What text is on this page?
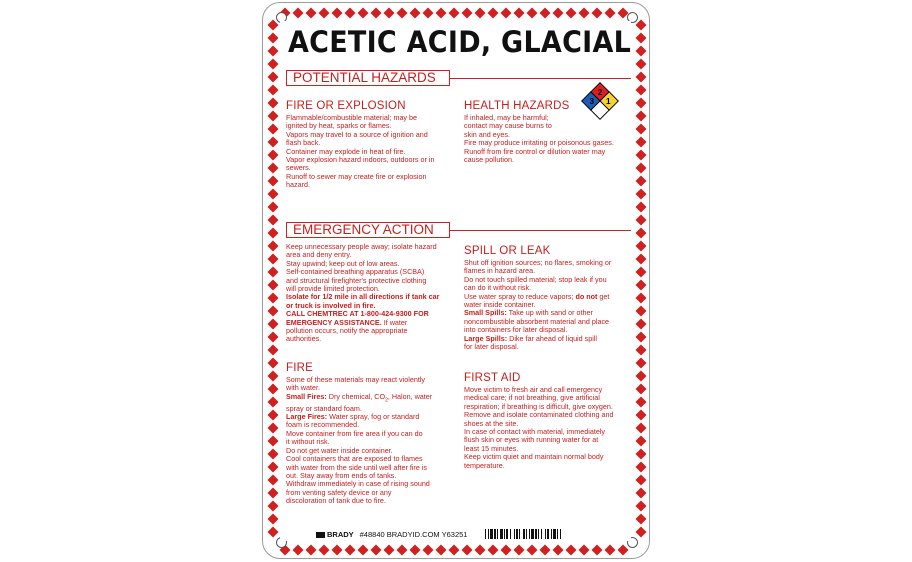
ACETIC ACID, GLACIAL
POTENTIAL HAZARDS
FIRE OR EXPLOSION
Flammable/combustible material; may be
ignited by heat, sparks or flames.
Vapors may travel to a source of ignition and
flash back.
Container may explode in heat of fire.
Vapor explosion hazard indoors, outdoors or in
sewers.
Runoff to sewer may create fire or explosion
hazard.
HEALTH HAZARDS
If inhaled, may be harmful;
contact may cause burns to
skin and eyes.
Fire may produce irritating or poisonous gases.
Runoff from fire control or dilution water may
cause pollution.
2
3 1
EMERGENCY ACTION
Keep unnecessary people away; isolate hazard
area and deny entry.
Stay upwind; keep out of low areas.
Self-contained breathing apparatus (SCBA)
and structural firefighter's protective clothing
will provide limited protection.
Isolate for 1/2 mile in all directions if tank car
or truck is involved in fire.
CALL CHEMTREC AT 1-800-424-9300 FOR
EMERGENCY ASSISTANCE. If water
pollution occurs, notify the appropriate
authorities.
FIRE
Some of these materials may react violently
with water.
Small Fires: Dry chemical, $CO_2$, Halon, water
spray or standard foam.
Large Fires: Water spray, fog or standard
foam is recommended.
Move container from fire area if you can do
it without risk.
Do not get water inside container.
Cool containers that are exposed to flames
with water from the side until well after fire is
out. Stay away from ends of tanks.
Withdraw immediately in case of rising sound
from venting safety device or any
discoloration of tank due to fire.
SPILL OR LEAK
Shut off ignition sources; no flares, smoking or
flames in hazard area.
Do not touch spilled material; stop leak if you
can do it without risk.
Use water spray to reduce vapors; do not get
water inside container.
Small Spills: Take up with sand or other
noncombustible absorbent material and place
into containers for later disposal.
Large Spills: Dike far ahead of liquid spill
for later disposal.
FIRST AID
Move victim to fresh air and call emergency
medical care; if not breathing, give artificial
respiration; if breathing is difficult, give oxygen.
Remove and isolate contaminated clothing and
shoes at the site.
In case of contact with material, immediately
flush skin or eyes with running water for at
least 15 minutes.
Keep victim quiet and maintain normal body
temperature.
BRADY #48840 BRADYID.COM Y63251
